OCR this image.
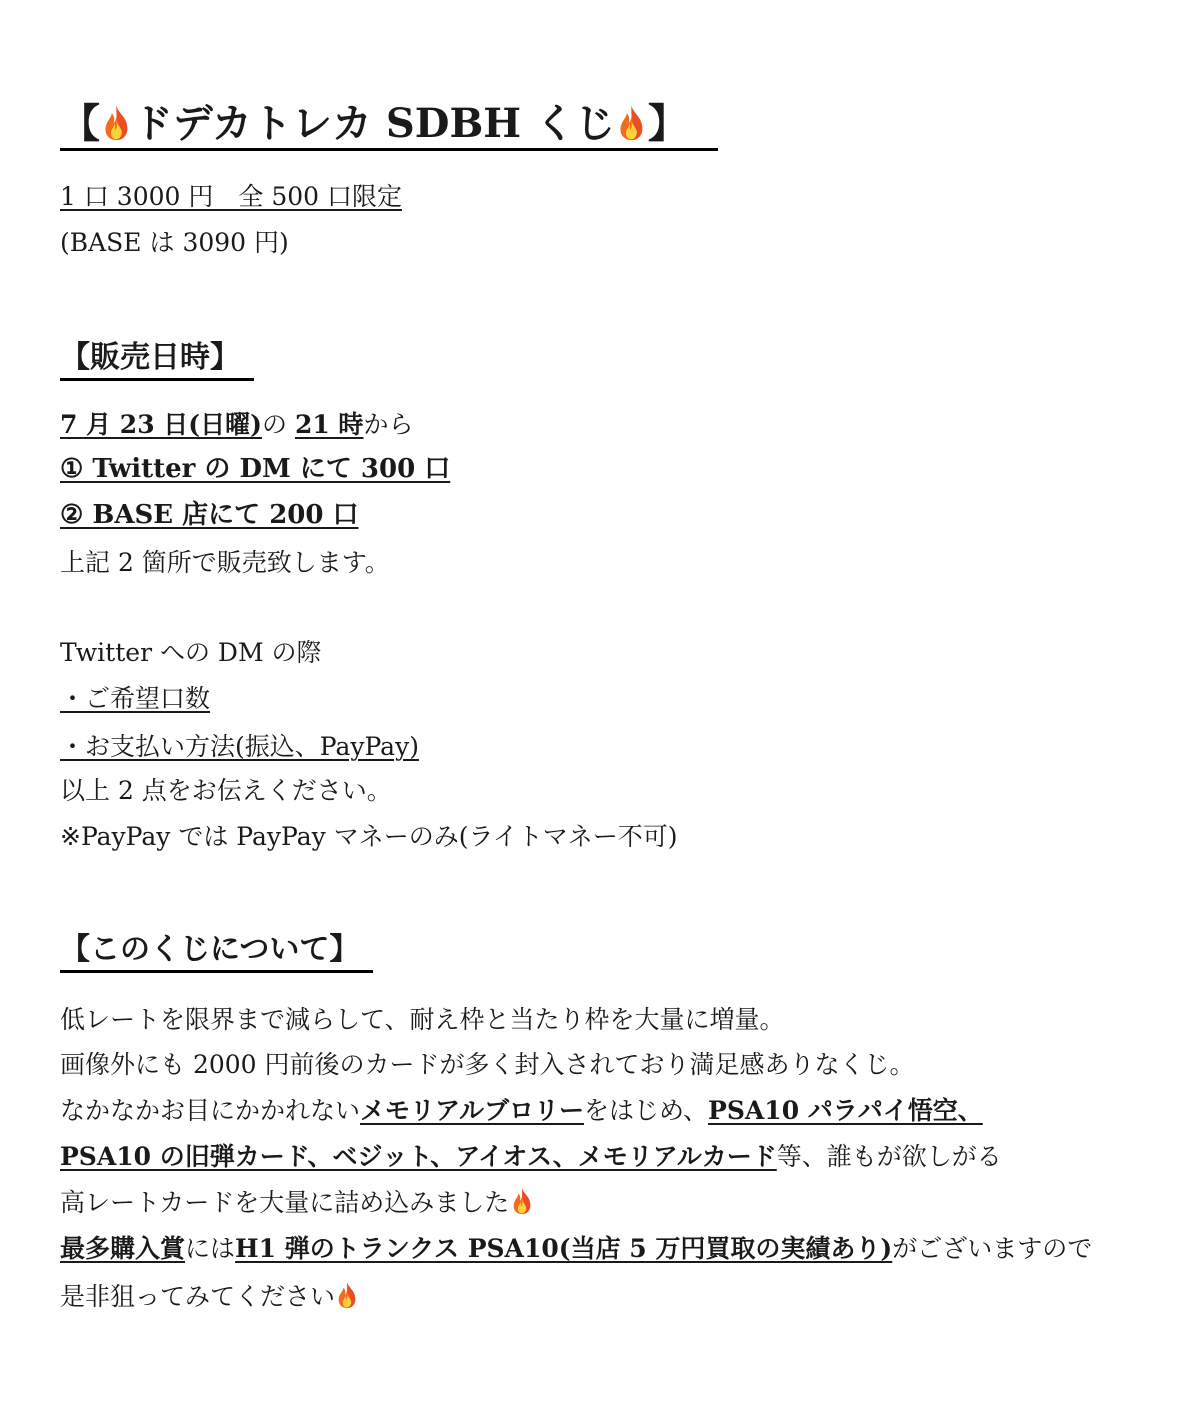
【 ドデカトレカ SDBH くじ 】
1 口 3000 円　全 500 口限定
(BASE は 3090 円)
【販売日時】
7 月 23 日(日曜)の 21 時から
① Twitter の DM にて 300 口
② BASE 店にて 200 口
上記 2 箇所で販売致します。
Twitter への DM の際
・ご希望口数
・お支払い方法(振込、PayPay)
以上 2 点をお伝えください。
※PayPay では PayPay マネーのみ(ライトマネー不可)
【このくじについて】
低レートを限界まで減らして、耐え枠と当たり枠を大量に増量。
画像外にも 2000 円前後のカードが多く封入されており満足感ありなくじ。
なかなかお目にかかれないメモリアルブロリーをはじめ、PSA10 パラパイ悟空、
PSA10 の旧弾カード、ベジット、アイオス、メモリアルカード等、誰もが欲しがる
高レートカードを大量に詰め込みました
最多購入賞にはH1 弾のトランクス PSA10(当店 5 万円買取の実績あり)がございますので
是非狙ってみてください
